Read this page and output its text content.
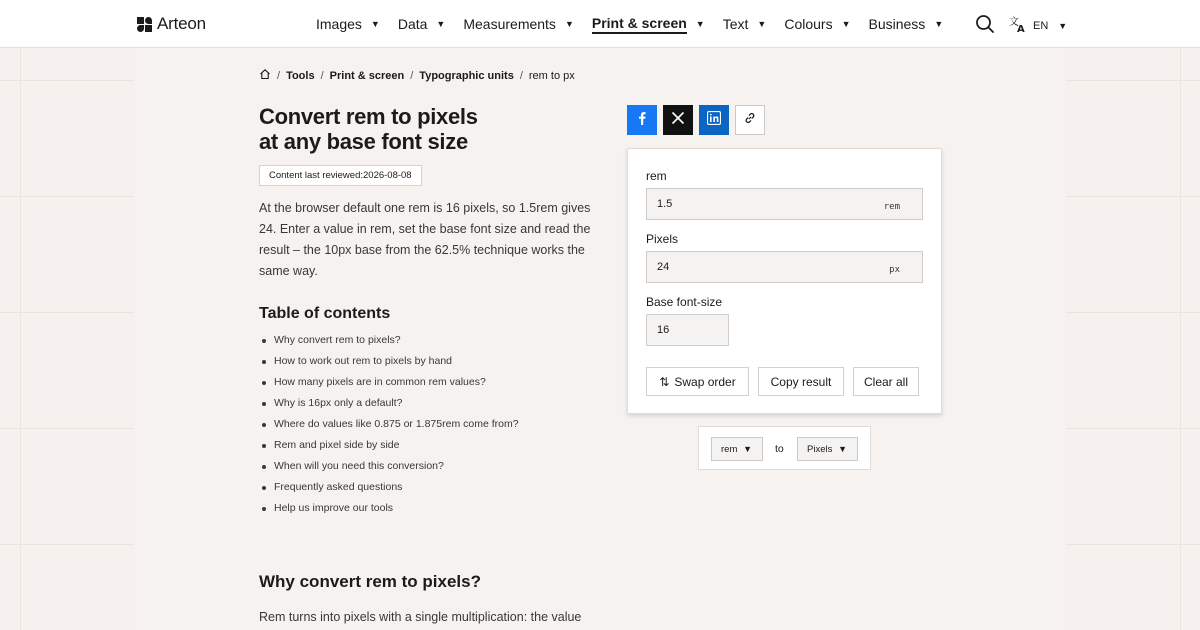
Arteon	Images ▼ Data ▼ Measurements ▼ Print & screen ▼ Text ▼ Colours ▼ Business ▼	文
A EN ▼
/ Tools / Print & screen / Typographic units / rem to px
Convert rem to pixels
at any base font size
Content last reviewed: 2026-08-08

At the browser default one rem is 16 pixels, so 1.5rem gives 24. Enter a value in rem, set the base font size and read the result – the 10px base from the 62.5% technique works the same way.

Table of contents
Why convert rem to pixels?
How to work out rem to pixels by hand
How many pixels are in common rem values?
Why is 16px only a default?
Where do values like 0.875 or 1.875rem come from?
Rem and pixel side by side
When will you need this conversion?
Frequently asked questions
Help us improve our tools
Why convert rem to pixels?

Rem turns into pixels with a single multiplication: the value

rem
1.5	rem
Pixels
24	px
Base font-size
16
⇅ Swap order	Copy result	Clear all
rem ▼ to Pixels ▼
